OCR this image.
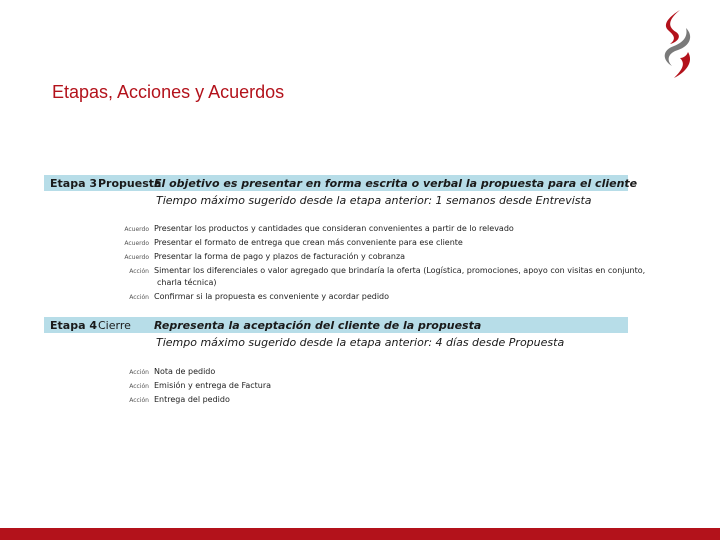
Etapas, Acciones y Acuerdos
Etapa 3 Propuesta
El objetivo es presentar en forma escrita o verbal la propuesta para el cliente
Tiempo máximo sugerido desde la etapa anterior: 1 semanos desde Entrevista
Acuerdo Presentar los productos y cantidades que consideran convenientes a partir de lo relevado
Acuerdo Presentar el formato de entrega que crean más conveniente para ese cliente
Acuerdo Presentar la forma de pago y plazos de facturación y cobranza
Acción Simentar los diferenciales o valor agregado que brindaría la oferta (Logística, promociones, apoyo con visitas en conjunto,
charla técnica)
Acción Confirmar si la propuesta es conveniente y acordar pedido
Etapa 4 Cierre Representa la aceptación del cliente de la propuesta
Tiempo máximo sugerido desde la etapa anterior: 4 días desde Propuesta
Acción Nota de pedido
Acción Emisión y entrega de Factura
Acción Entrega del pedido
